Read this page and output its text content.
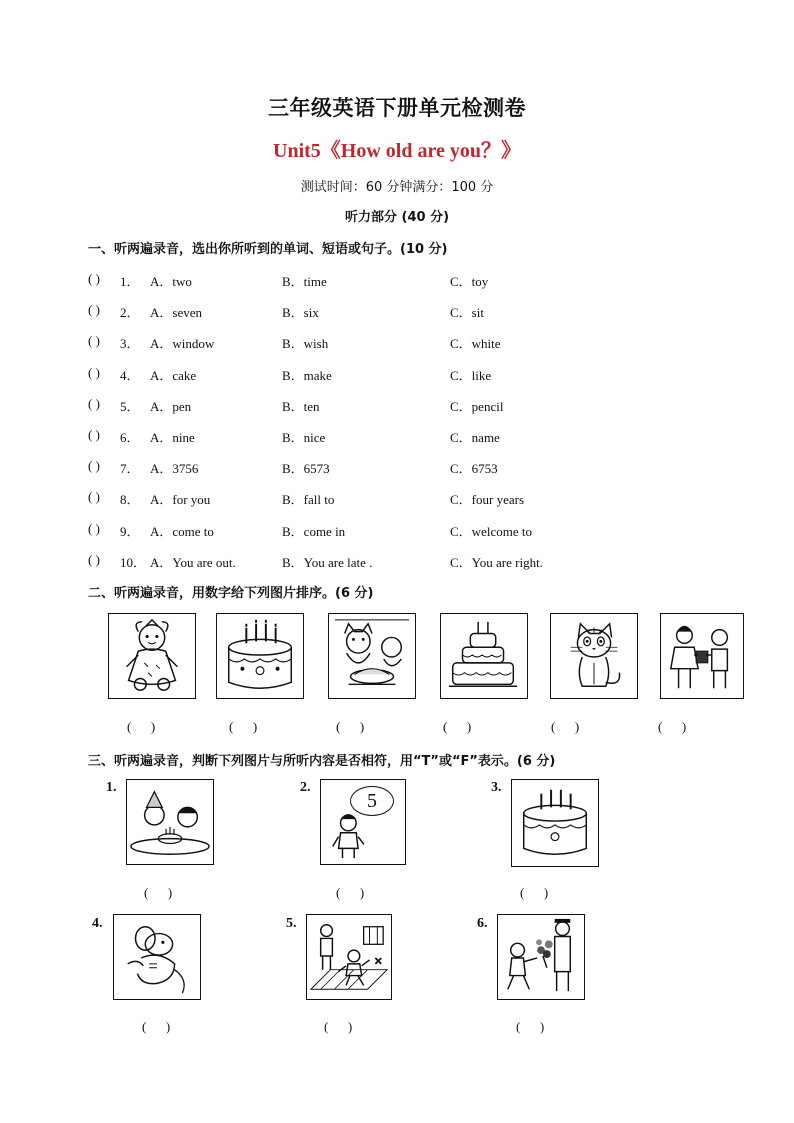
三年级英语下册单元检测卷
Unit5《How old are you？》
测试时间：60 分钟满分：100 分
听力部分 (40 分)
一、听两遍录音，选出你所听到的单词、短语或句子。(10 分)
( ) 1． A．two	B．time	C．toy
( ) 2． A．seven	B．six	C．sit
( ) 3． A．window	B．wish	C．white
( ) 4． A．cake	B．make	C．like
( ) 5． A．pen	B．ten	C．pencil
( ) 6． A．nine	B．nice	C．name
( ) 7． A．3756	B．6573	C．6753
( ) 8． A．for you	B．fall to	C．four years
( ) 9． A．come to	B．come in	C．welcome to
( ) 10． A．You are out.	B．You are late .	C．You are right.
二、听两遍录音，用数字给下列图片排序。(6 分)
(      )	(      )	(      )	(      )	(      )	(      )
三、听两遍录音，判断下列图片与所听内容是否相符，用“T”或“F”表示。(6 分)
1.
(      )
2.
5
(      )
3.
(      )
4.
(      )
5.
(      )
6.
(      )
